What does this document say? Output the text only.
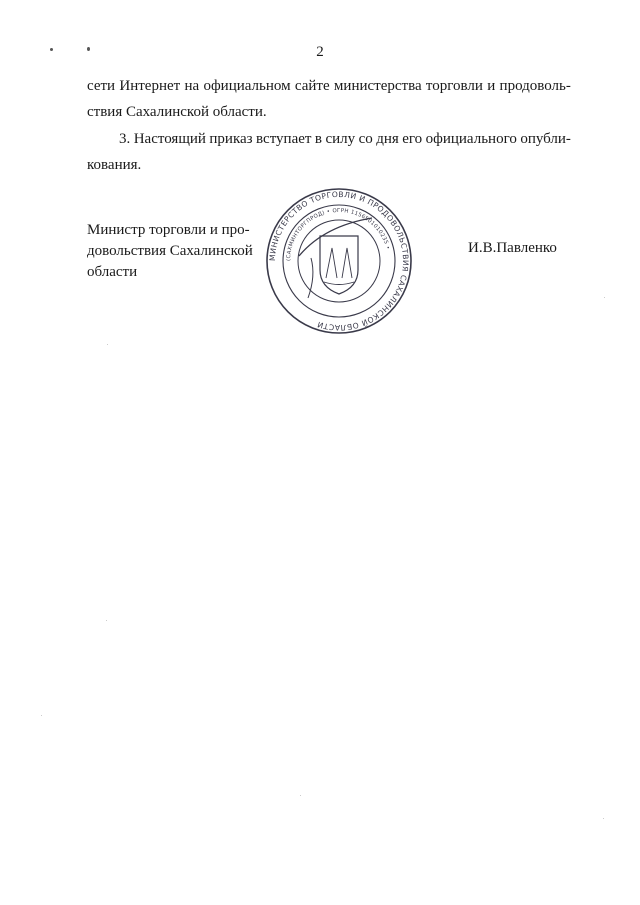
2
сети Интернет на официальном сайте министерства торговли и продоволь-
ствия Сахалинской области.
3. Настоящий приказ вступает в силу со дня его официального опубли-
кования.
Министр торговли и про-
довольствия Сахалинской
области
И.В.Павленко
МИНИСТЕРСТВО ТОРГОВЛИ И ПРОДОВОЛЬСТВИЯ САХАЛИНСКОЙ ОБЛАСТИ
(САХМИНТОРГПРОД) • ОГРН 1156501010235 •
